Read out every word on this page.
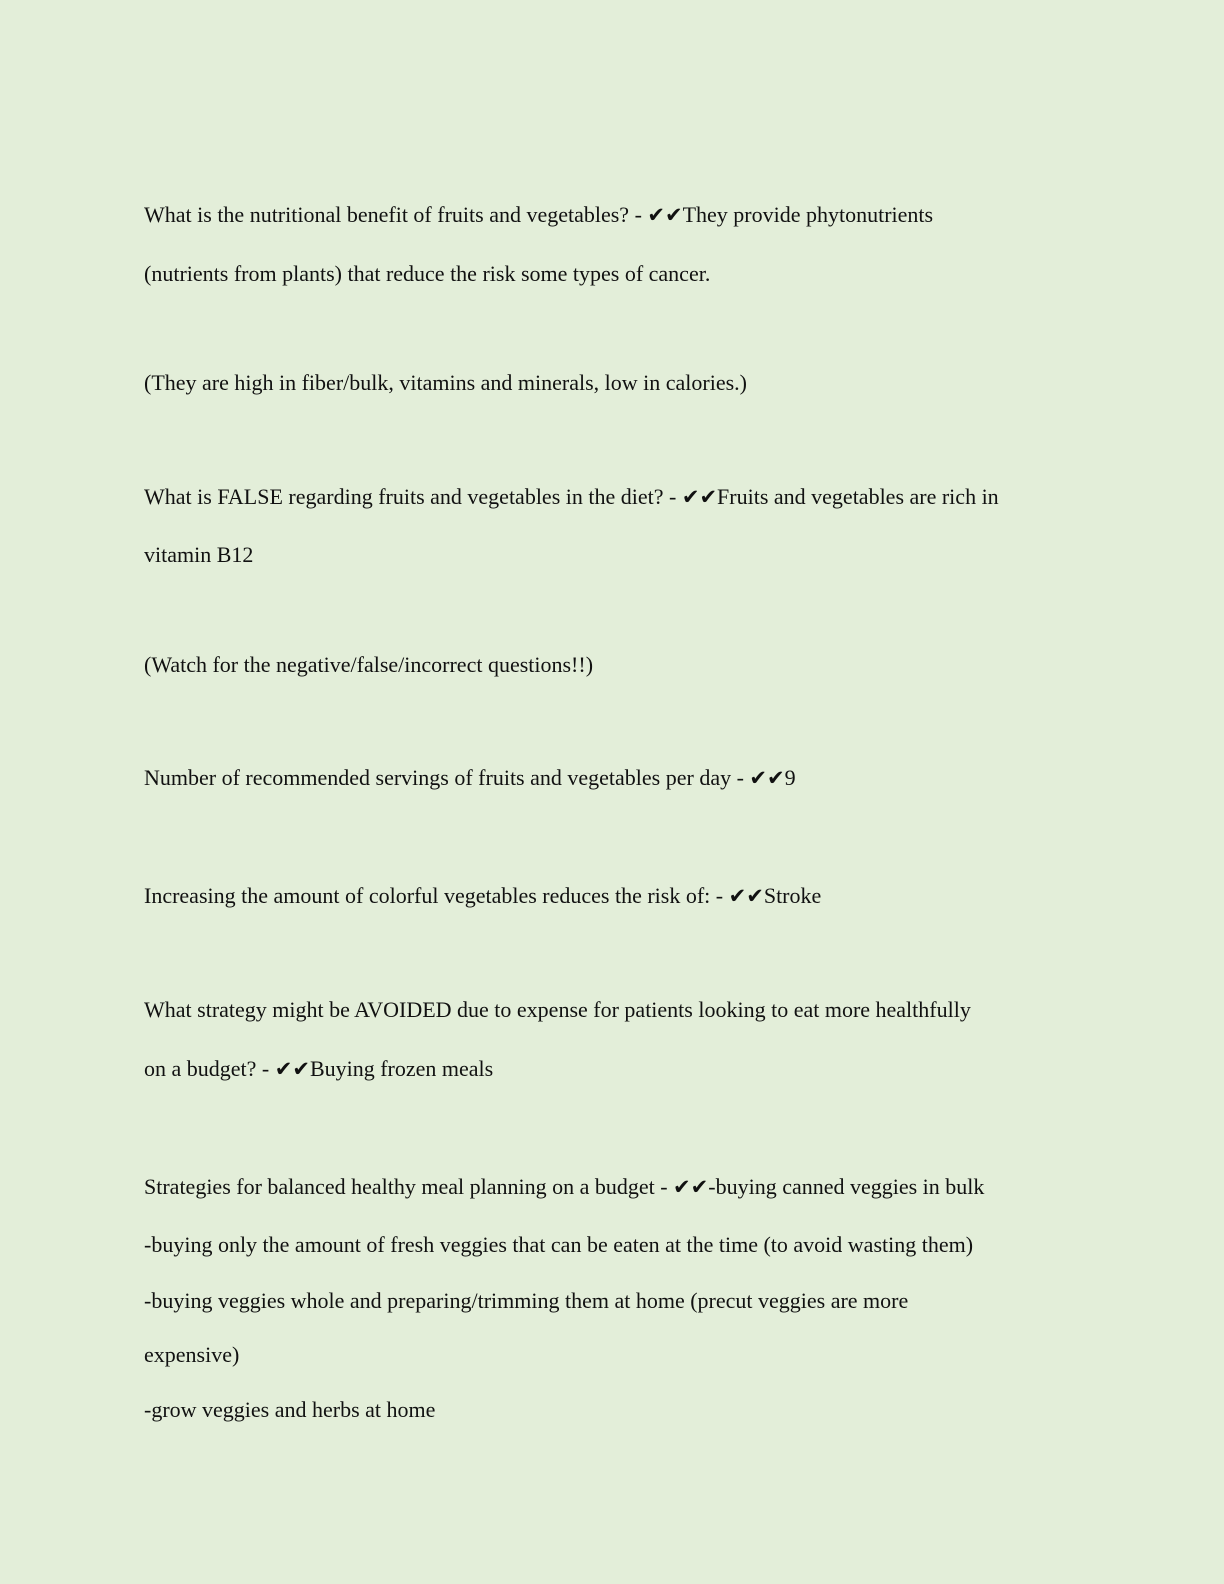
What is the nutritional benefit of fruits and vegetables? - ✔✔They provide phytonutrients
(nutrients from plants) that reduce the risk some types of cancer.
(They are high in fiber/bulk, vitamins and minerals, low in calories.)
What is FALSE regarding fruits and vegetables in the diet? - ✔✔Fruits and vegetables are rich in
vitamin B12
(Watch for the negative/false/incorrect questions!!)
Number of recommended servings of fruits and vegetables per day - ✔✔9
Increasing the amount of colorful vegetables reduces the risk of: - ✔✔Stroke
What strategy might be AVOIDED due to expense for patients looking to eat more healthfully
on a budget? - ✔✔Buying frozen meals
Strategies for balanced healthy meal planning on a budget - ✔✔-buying canned veggies in bulk
-buying only the amount of fresh veggies that can be eaten at the time (to avoid wasting them)
-buying veggies whole and preparing/trimming them at home (precut veggies are more
expensive)
-grow veggies and herbs at home
